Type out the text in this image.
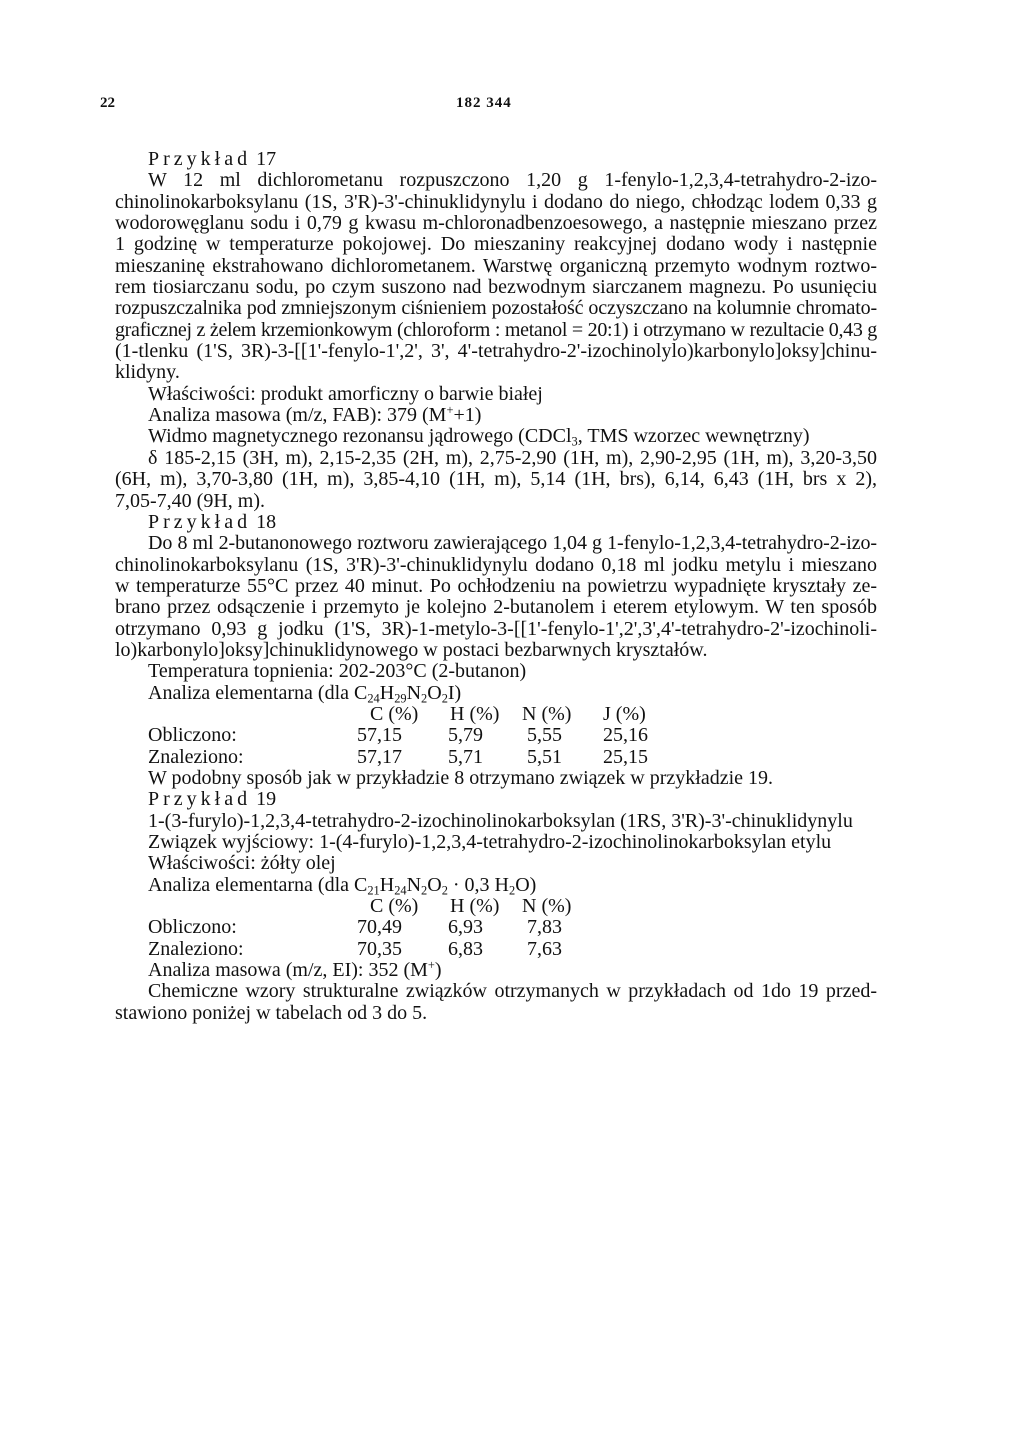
22	182 344
Przykład 17
W 12 ml dichlorometanu rozpuszczono 1,20 g 1-fenylo-1,2,3,4-tetrahydro-2-izo-
chinolinokarboksylanu (1S, 3'R)-3'-chinuklidynylu i dodano do niego, chłodząc lodem 0,33 g
wodorowęglanu sodu i 0,79 g kwasu m-chloronadbenzoesowego, a następnie mieszano przez
1 godzinę w temperaturze pokojowej. Do mieszaniny reakcyjnej dodano wody i następnie
mieszaninę ekstrahowano dichlorometanem. Warstwę organiczną przemyto wodnym roztwo-
rem tiosiarczanu sodu, po czym suszono nad bezwodnym siarczanem magnezu. Po usunięciu
rozpuszczalnika pod zmniejszonym ciśnieniem pozostałość oczyszczano na kolumnie chromato-
graficznej z żelem krzemionkowym (chloroform : metanol = 20:1) i otrzymano w rezultacie 0,43 g
(1-tlenku (1'S, 3R)-3-[[1'-fenylo-1',2', 3', 4'-tetrahydro-2'-izochinolylo)karbonylo]oksy]chinu-
klidyny.
Właściwości: produkt amorficzny o barwie białej
Analiza masowa (m/z, FAB): 379 (M++1)
Widmo magnetycznego rezonansu jądrowego (CDCl$_3$, TMS wzorzec wewnętrzny)
δ 185-2,15 (3H, m), 2,15-2,35 (2H, m), 2,75-2,90 (1H, m), 2,90-2,95 (1H, m), 3,20-3,50
(6H, m), 3,70-3,80 (1H, m), 3,85-4,10 (1H, m), 5,14 (1H, brs), 6,14, 6,43 (1H, brs x 2),
7,05-7,40 (9H, m).
Przykład 18
Do 8 ml 2-butanonowego roztworu zawierającego 1,04 g 1-fenylo-1,2,3,4-tetrahydro-2-izo-
chinolinokarboksylanu (1S, 3'R)-3'-chinuklidynylu dodano 0,18 ml jodku metylu i mieszano
w temperaturze 55°C przez 40 minut. Po ochłodzeniu na powietrzu wypadnięte kryształy ze-
brano przez odsączenie i przemyto je kolejno 2-butanolem i eterem etylowym. W ten sposób
otrzymano 0,93 g jodku (1'S, 3R)-1-metylo-3-[[1'-fenylo-1',2',3',4'-tetrahydro-2'-izochinoli-
lo)karbonylo]oksy]chinuklidynowego w postaci bezbarwnych kryształów.
Temperatura topnienia: 202-203°C (2-butanon)
Analiza elementarna (dla $C_{24}H_{29}N_2O_2I$)
C (%) H (%) N (%) J (%)
Obliczono:	57,15 5,79 5,55 25,16
Znaleziono:	57,17 5,71 5,51 25,15
W podobny sposób jak w przykładzie 8 otrzymano związek w przykładzie 19.
Przykład 19
1-(3-furylo)-1,2,3,4-tetrahydro-2-izochinolinokarboksylan (1RS, 3'R)-3'-chinuklidynylu
Związek wyjściowy: 1-(4-furylo)-1,2,3,4-tetrahydro-2-izochinolinokarboksylan etylu
Właściwości: żółty olej
Analiza elementarna (dla $C_{21}H_{24}N_2O_2 \cdot 0,3$ $H_2O$)
C (%) H (%) N (%)
Obliczono:	70,49 6,93 7,83
Znaleziono:	70,35 6,83 7,63
Analiza masowa (m/z, EI): 352 (M+)
Chemiczne wzory strukturalne związków otrzymanych w przykładach od 1do 19 przed-
stawiono poniżej w tabelach od 3 do 5.
